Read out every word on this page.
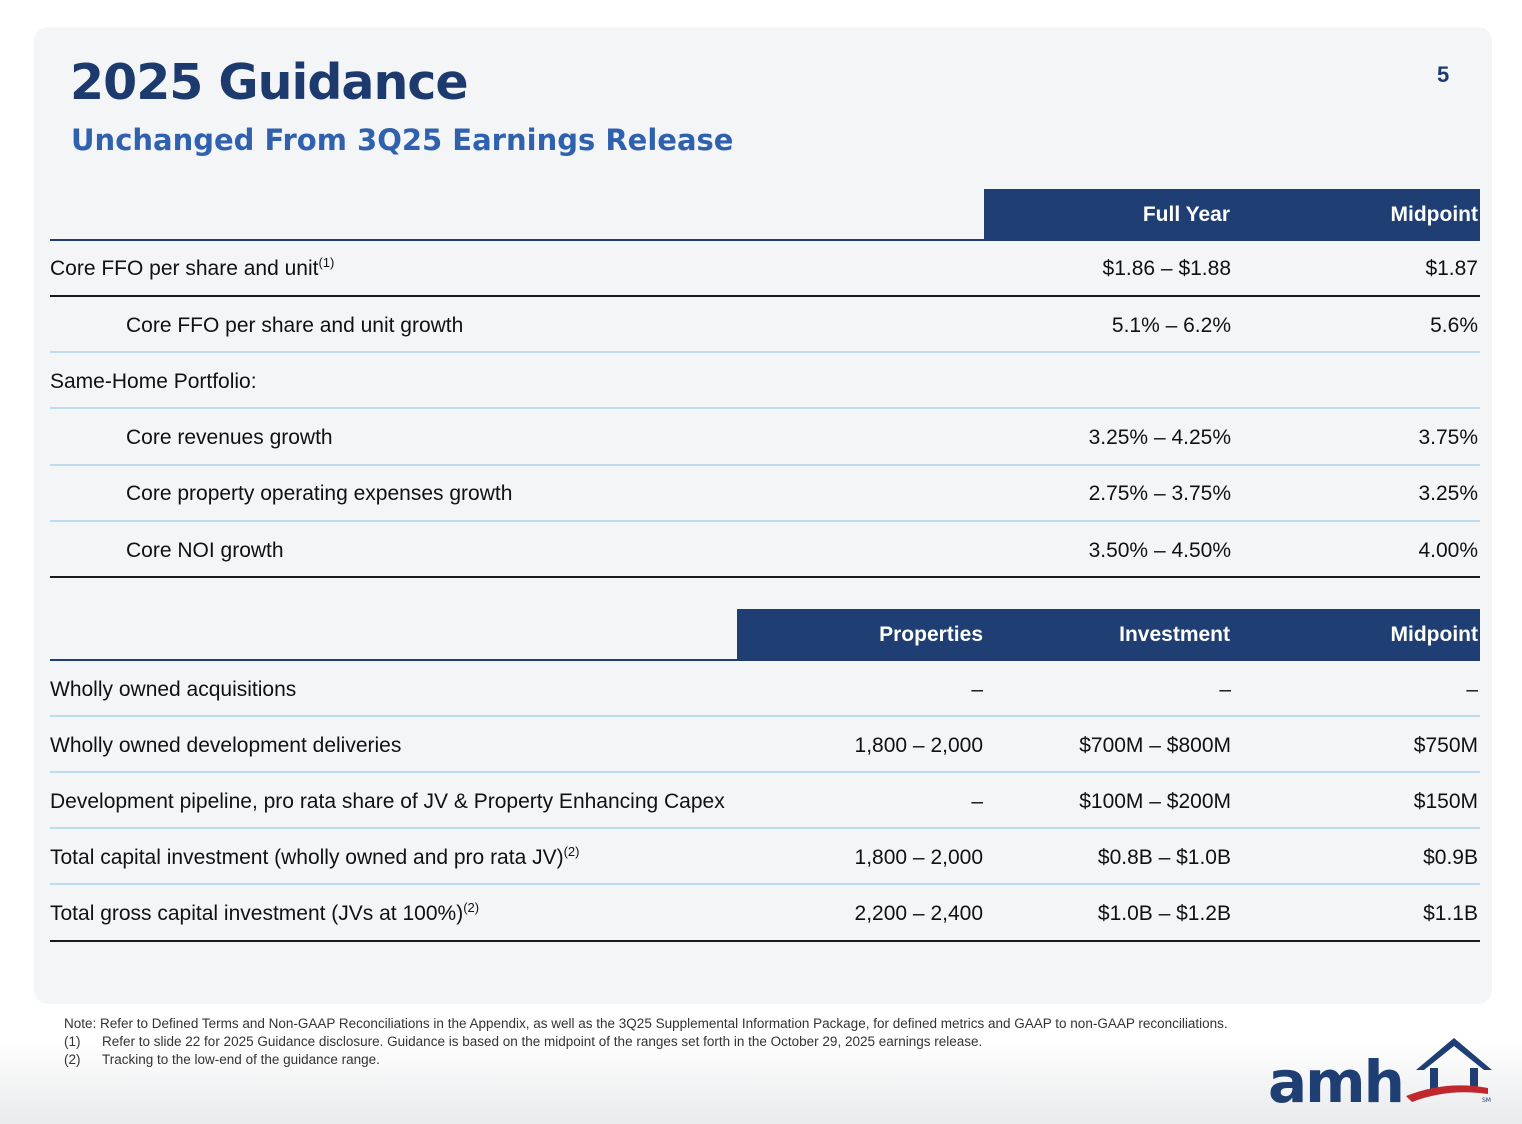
2025 Guidance
Unchanged From 3Q25 Earnings Release
5
Full Year	Midpoint
Core FFO per share and unit$^{(1)}$	$1.86 – $1.88	$1.87
Core FFO per share and unit growth	5.1% – 6.2%	5.6%
Same-Home Portfolio:
Core revenues growth	3.25% – 4.25%	3.75%
Core property operating expenses growth	2.75% – 3.75%	3.25%
Core NOI growth	3.50% – 4.50%	4.00%
Properties	Investment	Midpoint
Wholly owned acquisitions	–	–	–
Wholly owned development deliveries	1,800 – 2,000	$700M – $800M	$750M
Development pipeline, pro rata share of JV & Property Enhancing Capex	–	$100M – $200M	$150M
Total capital investment (wholly owned and pro rata JV)$^{(2)}$	1,800 – 2,000	$0.8B – $1.0B	$0.9B
Total gross capital investment (JVs at 100%)$^{(2)}$	2,200 – 2,400	$1.0B – $1.2B	$1.1B
Note: Refer to Defined Terms and Non-GAAP Reconciliations in the Appendix, as well as the 3Q25 Supplemental Information Package, for defined metrics and GAAP to non-GAAP reconciliations.
(1) Refer to slide 22 for 2025 Guidance disclosure. Guidance is based on the midpoint of the ranges set forth in the October 29, 2025 earnings release.
(2) Tracking to the low-end of the guidance range.	amh	SM
